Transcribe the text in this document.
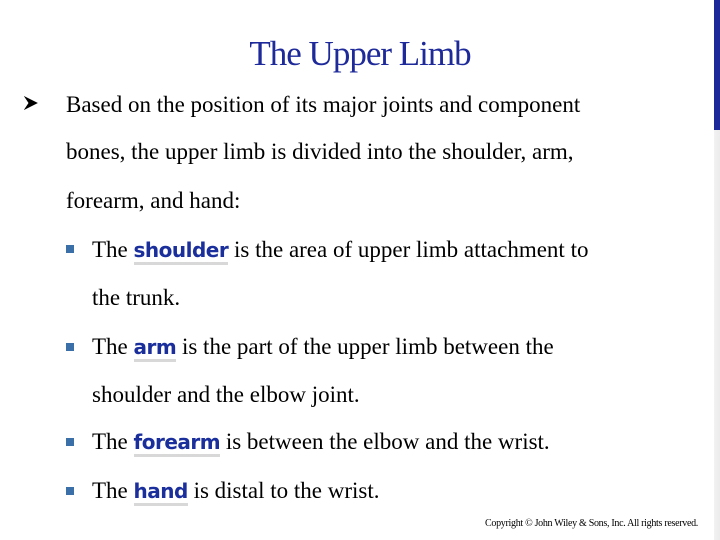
The Upper Limb
Based on the position of its major joints and component
bones, the upper limb is divided into the shoulder, arm,
forearm, and hand:
The shoulder is the area of upper limb attachment to
the trunk.
The arm is the part of the upper limb between the
shoulder and the elbow joint.
The forearm is between the elbow and the wrist.
The hand is distal to the wrist.
Copyright © John Wiley & Sons, Inc. All rights reserved.
